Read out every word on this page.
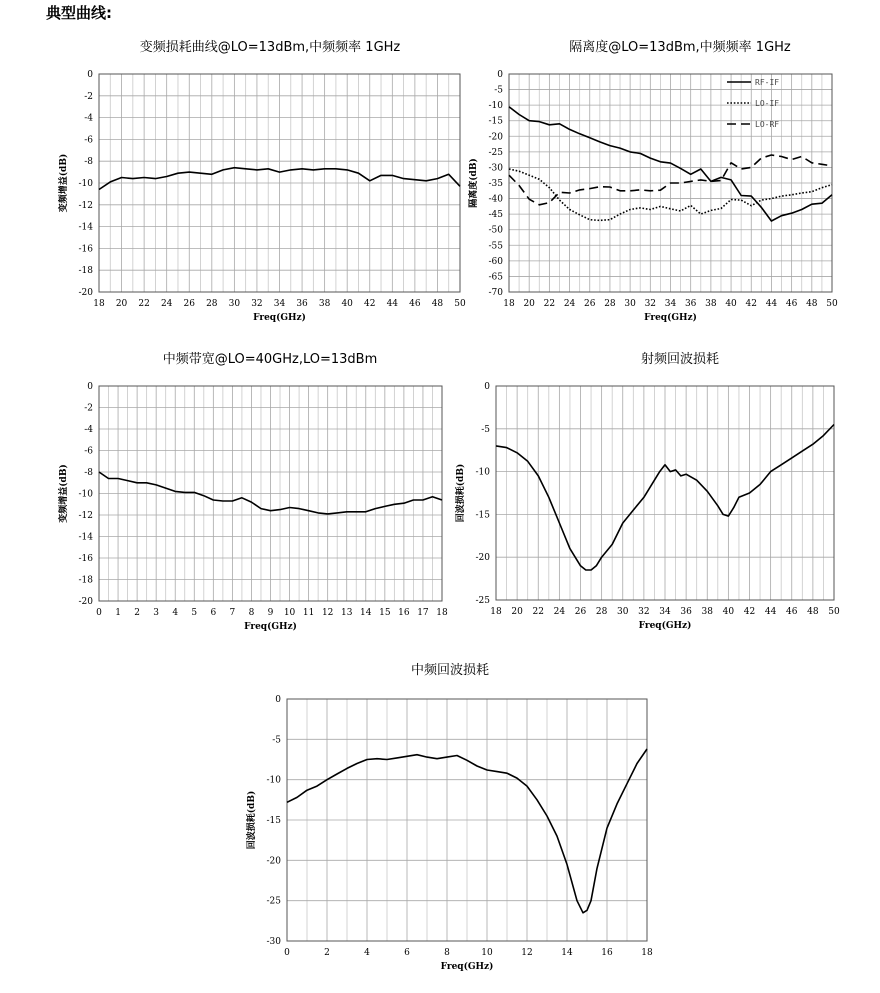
典型曲线:
变频损耗曲线@LO=13dBm,中频频率 1GHz	隔离度@LO=13dBm,中频频率 1GHz
中频带宽@LO=40GHz,LO=13dBm	射频回波损耗
中频回波损耗
18 20 22 24 26 28 30 32 34 36 38 40 42 44 46 48 50
0
-2
-4
-6
-8
-10
-12
-14
-16
-18
-20
Freq(GHz)
变频增益(dB)
18 20 22 24 26 28 30 32 34 36 38 40 42 44 46 48 50
0
-5
-10
-15
-20
-25
-30
-35
-40
-45
-50
-55
-60
-65
-70
Freq(GHz)
隔离度(dB)
RF-IF
LO-IF
LO-RF
0 1 2 3 4 5 6 7 8 9 10 11 12 13 14 15 16 17 18
0
-2
-4
-6
-8
-10
-12
-14
-16
-18
-20
Freq(GHz)
变频增益(dB)
18 20 22 24 26 28 30 32 34 36 38 40 42 44 46 48 50
0
-5
-10
-15
-20
-25
Freq(GHz)
回波损耗(dB)
0	2	4	6	8	10	12	14	16	18
0
-5
-10
-15
-20
-25
-30
Freq(GHz)
回波损耗(dB)
